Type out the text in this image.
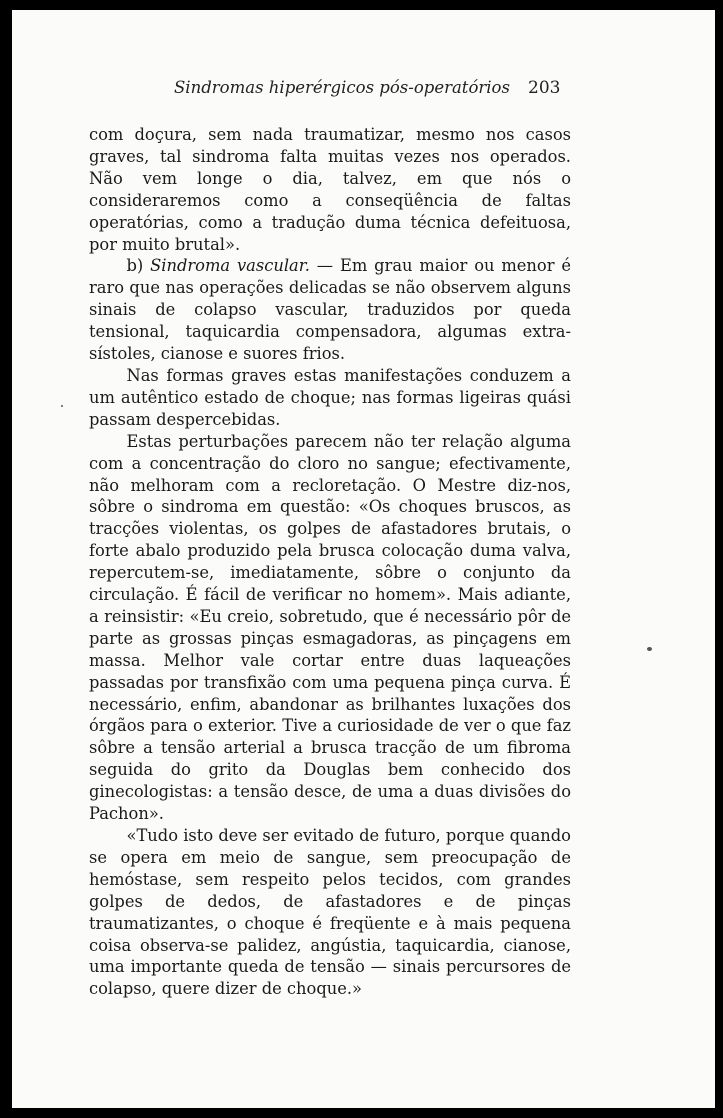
Sindromas hiperérgicos pós-operatórios 203

com doçura, sem nada traumatizar, mesmo nos casos graves, tal sindroma falta muitas vezes nos operados. Não vem longe o dia, talvez, em que nós o consideraremos como a conseqüência de faltas operatórias, como a tradução duma técnica defeituosa, por muito brutal».

b) Sindroma vascular. — Em grau maior ou menor é raro que nas operações delicadas se não observem alguns sinais de colapso vascular, traduzidos por queda tensional, taquicardia compensadora, algumas extra-sístoles, cianose e suores frios.

Nas formas graves estas manifestações conduzem a um autêntico estado de choque; nas formas ligeiras quási passam despercebidas.

Estas perturbações parecem não ter relação alguma com a concentração do cloro no sangue; efectivamente, não melhoram com a recloretação. O Mestre diz-nos, sôbre o sindroma em questão: «Os choques bruscos, as tracções violentas, os golpes de afastadores brutais, o forte abalo produzido pela brusca colocação duma valva, repercutem-se, imediatamente, sôbre o conjunto da circulação. É fácil de verificar no homem». Mais adiante, a reinsistir: «Eu creio, sobretudo, que é necessário pôr de parte as grossas pinças esmagadoras, as pinçagens em massa. Melhor vale cortar entre duas laqueações passadas por transfixão com uma pequena pinça curva. É necessário, enfim, abandonar as brilhantes luxações dos órgãos para o exterior. Tive a curiosidade de ver o que faz sôbre a tensão arterial a brusca tracção de um fibroma seguida do grito da Douglas bem conhecido dos ginecologistas: a tensão desce, de uma a duas divisões do Pachon».

«Tudo isto deve ser evitado de futuro, porque quando se opera em meio de sangue, sem preocupação de hemóstase, sem respeito pelos tecidos, com grandes golpes de dedos, de afastadores e de pinças traumatizantes, o choque é freqüente e à mais pequena coisa observa-se palidez, angústia, taquicardia, cianose, uma importante queda de tensão — sinais percursores de colapso, quere dizer de choque.»
